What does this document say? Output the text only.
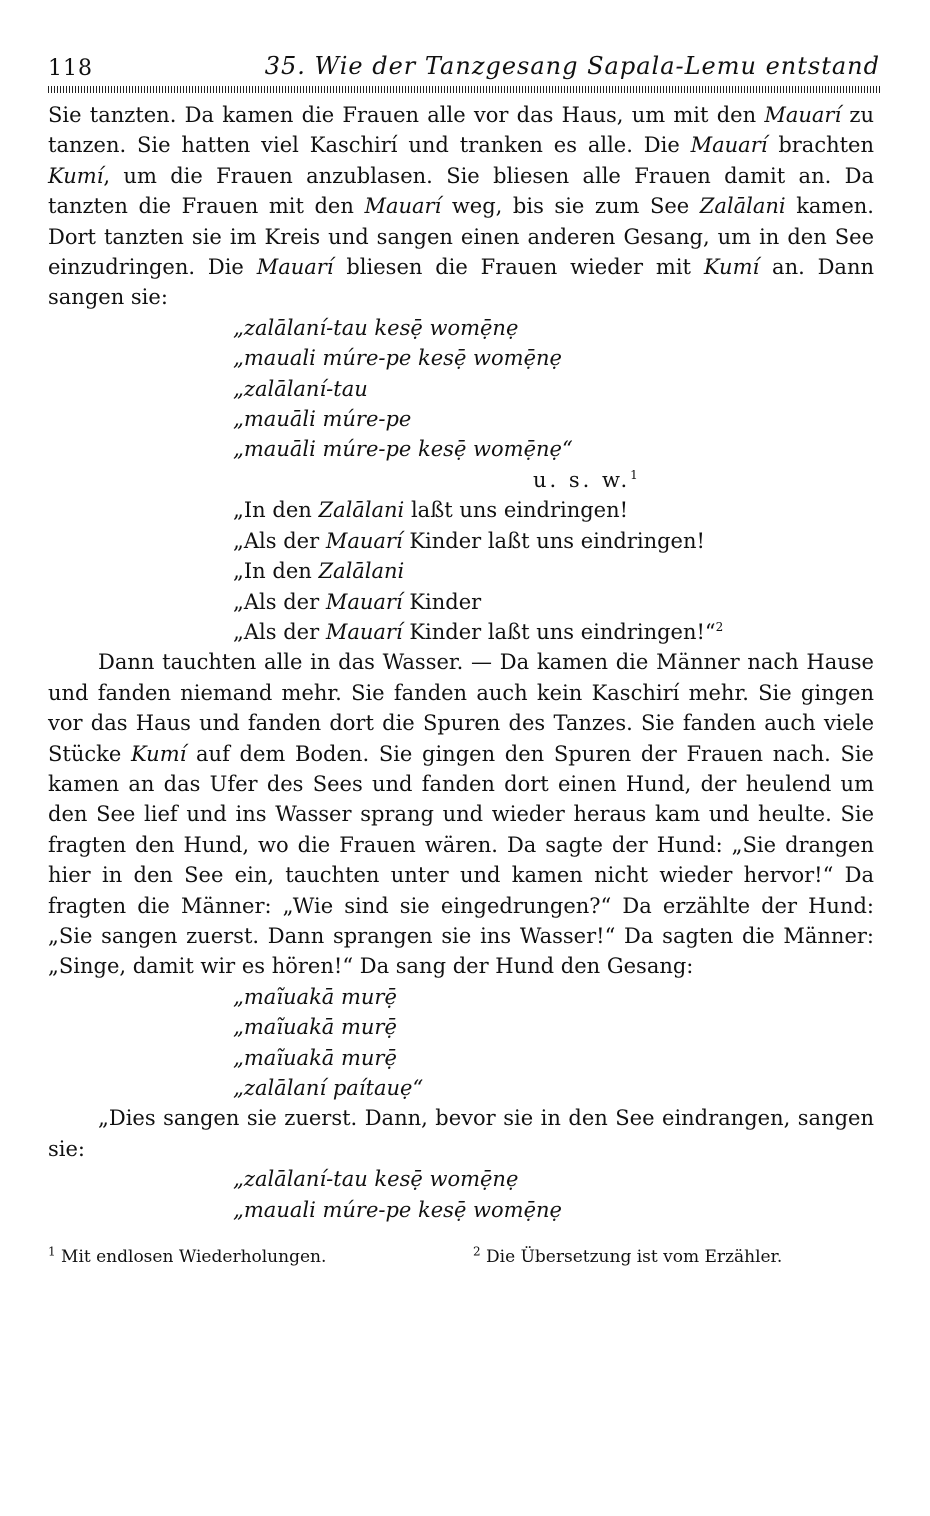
118	35. Wie der Tanzgesang Sapala-Lemu entstand

Sie tanzten. Da kamen die Frauen alle vor das Haus, um mit den Mauarí zu tanzen. Sie hatten viel Kaschirí und tranken es alle. Die Mauarí brachten Kumí, um die Frauen anzublasen. Sie bliesen alle Frauen damit an. Da tanzten die Frauen mit den Mauarí weg, bis sie zum See Zalālani kamen. Dort tanzten sie im Kreis und sangen einen anderen Gesang, um in den See einzudringen. Die Mauarí bliesen die Frauen wieder mit Kumí an. Dann sangen sie:

„zalālaní-tau kesẹ̄ womẹ̄nẹ

„mauali múre-pe kesẹ̄ womẹ̄nẹ

„zalālaní-tau

„mauāli múre-pe

„mauāli múre-pe kesẹ̄ womẹ̄nẹ“

u. s. w.$^1$

„In den Zalālani laßt uns eindringen!

„Als der Mauarí Kinder laßt uns eindringen!

„In den Zalālani

„Als der Mauarí Kinder

„Als der Mauarí Kinder laßt uns eindringen!“$^2$

Dann tauchten alle in das Wasser. — Da kamen die Männer nach Hause und fanden niemand mehr. Sie fanden auch kein Kaschirí mehr. Sie gingen vor das Haus und fanden dort die Spuren des Tanzes. Sie fanden auch viele Stücke Kumí auf dem Boden. Sie gingen den Spuren der Frauen nach. Sie kamen an das Ufer des Sees und fanden dort einen Hund, der heulend um den See lief und ins Wasser sprang und wieder heraus kam und heulte. Sie fragten den Hund, wo die Frauen wären. Da sagte der Hund: „Sie drangen hier in den See ein, tauchten unter und kamen nicht wieder hervor!“ Da fragten die Männer: „Wie sind sie eingedrungen?“ Da erzählte der Hund: „Sie sangen zuerst. Dann sprangen sie ins Wasser!“ Da sagten die Männer: „Singe, damit wir es hören!“ Da sang der Hund den Gesang:

„maĩuakā murẹ̄

„maĩuakā murẹ̄

„maĩuakā murẹ̄

„zalālaní paítauẹ“

„Dies sangen sie zuerst. Dann, bevor sie in den See eindrangen, sangen sie:

„zalālaní-tau kesẹ̄ womẹ̄nẹ

„mauali múre-pe kesẹ̄ womẹ̄nẹ

$^1$ Mit endlosen Wiederholungen.	$^2$ Die Übersetzung ist vom Erzähler.
